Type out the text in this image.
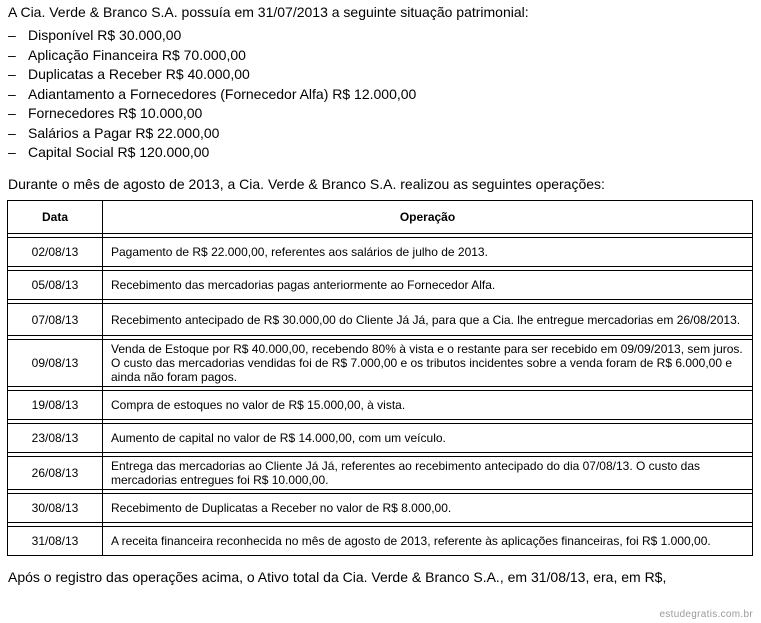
A Cia. Verde & Branco S.A. possuía em 31/07/2013 a seguinte situação patrimonial:
– Disponível R$ 30.000,00
– Aplicação Financeira R$ 70.000,00
– Duplicatas a Receber R$ 40.000,00
– Adiantamento a Fornecedores (Fornecedor Alfa) R$ 12.000,00
– Fornecedores R$ 10.000,00
– Salários a Pagar R$ 22.000,00
– Capital Social R$ 120.000,00
Durante o mês de agosto de 2013, a Cia. Verde & Branco S.A. realizou as seguintes operações:
Data	Operação

02/08/13	Pagamento de R$ 22.000,00, referentes aos salários de julho de 2013.

05/08/13	Recebimento das mercadorias pagas anteriormente ao Fornecedor Alfa.

07/08/13	Recebimento antecipado de R$ 30.000,00 do Cliente Já Já, para que a Cia. lhe entregue mercadorias em 26/08/2013.

09/08/13	Venda de Estoque por R$ 40.000,00, recebendo 80% à vista e o restante para ser recebido em 09/09/2013, sem juros. O custo das mercadorias vendidas foi de R$ 7.000,00 e os tributos incidentes sobre a venda foram de R$ 6.000,00 e ainda não foram pagos.

19/08/13	Compra de estoques no valor de R$ 15.000,00, à vista.

23/08/13	Aumento de capital no valor de R$ 14.000,00, com um veículo.

26/08/13	Entrega das mercadorias ao Cliente Já Já, referentes ao recebimento antecipado do dia 07/08/13. O custo das mercadorias entregues foi R$ 10.000,00.

30/08/13	Recebimento de Duplicatas a Receber no valor de R$ 8.000,00.

31/08/13	A receita financeira reconhecida no mês de agosto de 2013, referente às aplicações financeiras, foi R$ 1.000,00.
Após o registro das operações acima, o Ativo total da Cia. Verde & Branco S.A., em 31/08/13, era, em R$,
estudegratis.com.br
